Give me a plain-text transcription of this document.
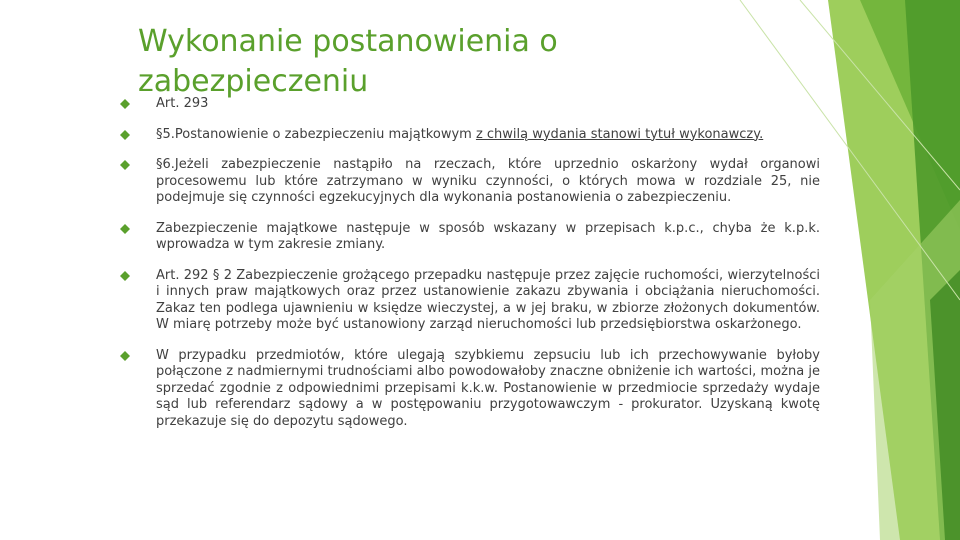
Wykonanie postanowienia o zabezpieczeniu
Art. 293
§5.Postanowienie o zabezpieczeniu majątkowym z chwilą wydania stanowi tytuł wykonawczy.
§6.Jeżeli zabezpieczenie nastąpiło na rzeczach, które uprzednio oskarżony wydał organowi procesowemu lub które zatrzymano w wyniku czynności, o których mowa w rozdziale 25, nie podejmuje się czynności egzekucyjnych dla wykonania postanowienia o zabezpieczeniu.
Zabezpieczenie majątkowe następuje w sposób wskazany w przepisach k.p.c., chyba że k.p.k. wprowadza w tym zakresie zmiany.
Art. 292 § 2 Zabezpieczenie grożącego przepadku następuje przez zajęcie ruchomości, wierzytelności i innych praw majątkowych oraz przez ustanowienie zakazu zbywania i obciążania nieruchomości. Zakaz ten podlega ujawnieniu w księdze wieczystej, a w jej braku, w zbiorze złożonych dokumentów. W miarę potrzeby może być ustanowiony zarząd nieruchomości lub przedsiębiorstwa oskarżonego.
W przypadku przedmiotów, które ulegają szybkiemu zepsuciu lub ich przechowywanie byłoby połączone z nadmiernymi trudnościami albo powodowałoby znaczne obniżenie ich wartości, można je sprzedać zgodnie z odpowiednimi przepisami k.k.w. Postanowienie w przedmiocie sprzedaży wydaje sąd lub referendarz sądowy a w postępowaniu przygotowawczym - prokurator. Uzyskaną kwotę przekazuje się do depozytu sądowego.
